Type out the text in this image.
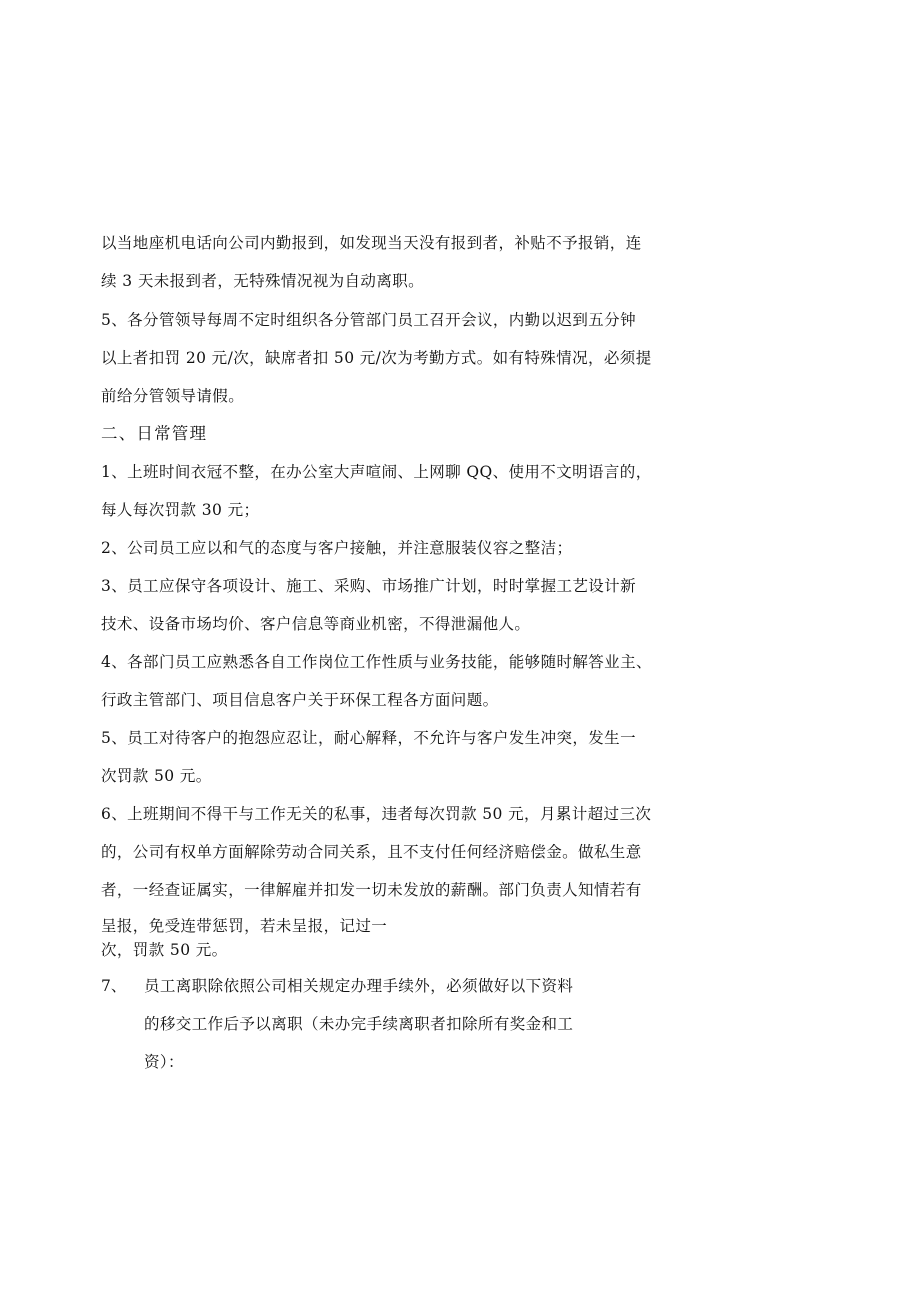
以当地座机电话向公司内勤报到，如发现当天没有报到者，补贴不予报销，连
续 3 天未报到者，无特殊情况视为自动离职。
5、各分管领导每周不定时组织各分管部门员工召开会议，内勤以迟到五分钟
以上者扣罚 20 元/次，缺席者扣 50 元/次为考勤方式。如有特殊情况，必须提
前给分管领导请假。
二、日常管理
1、上班时间衣冠不整，在办公室大声喧闹、上网聊 QQ、使用不文明语言的，
每人每次罚款 30 元；
2、公司员工应以和气的态度与客户接触，并注意服装仪容之整洁；
3、员工应保守各项设计、施工、采购、市场推广计划，时时掌握工艺设计新
技术、设备市场均价、客户信息等商业机密，不得泄漏他人。
4、各部门员工应熟悉各自工作岗位工作性质与业务技能，能够随时解答业主、
行政主管部门、项目信息客户关于环保工程各方面问题。
5、员工对待客户的抱怨应忍让，耐心解释，不允许与客户发生冲突，发生一
次罚款 50 元。
6、上班期间不得干与工作无关的私事，违者每次罚款 50 元，月累计超过三次
的，公司有权单方面解除劳动合同关系，且不支付任何经济赔偿金。做私生意
者，一经查证属实，一律解雇并扣发一切未发放的薪酬。部门负责人知情若有
呈报，免受连带惩罚，若未呈报，记过一
次，罚款 50 元。
7、 员工离职除依照公司相关规定办理手续外，必须做好以下资料
的移交工作后予以离职（未办完手续离职者扣除所有奖金和工
资）：
